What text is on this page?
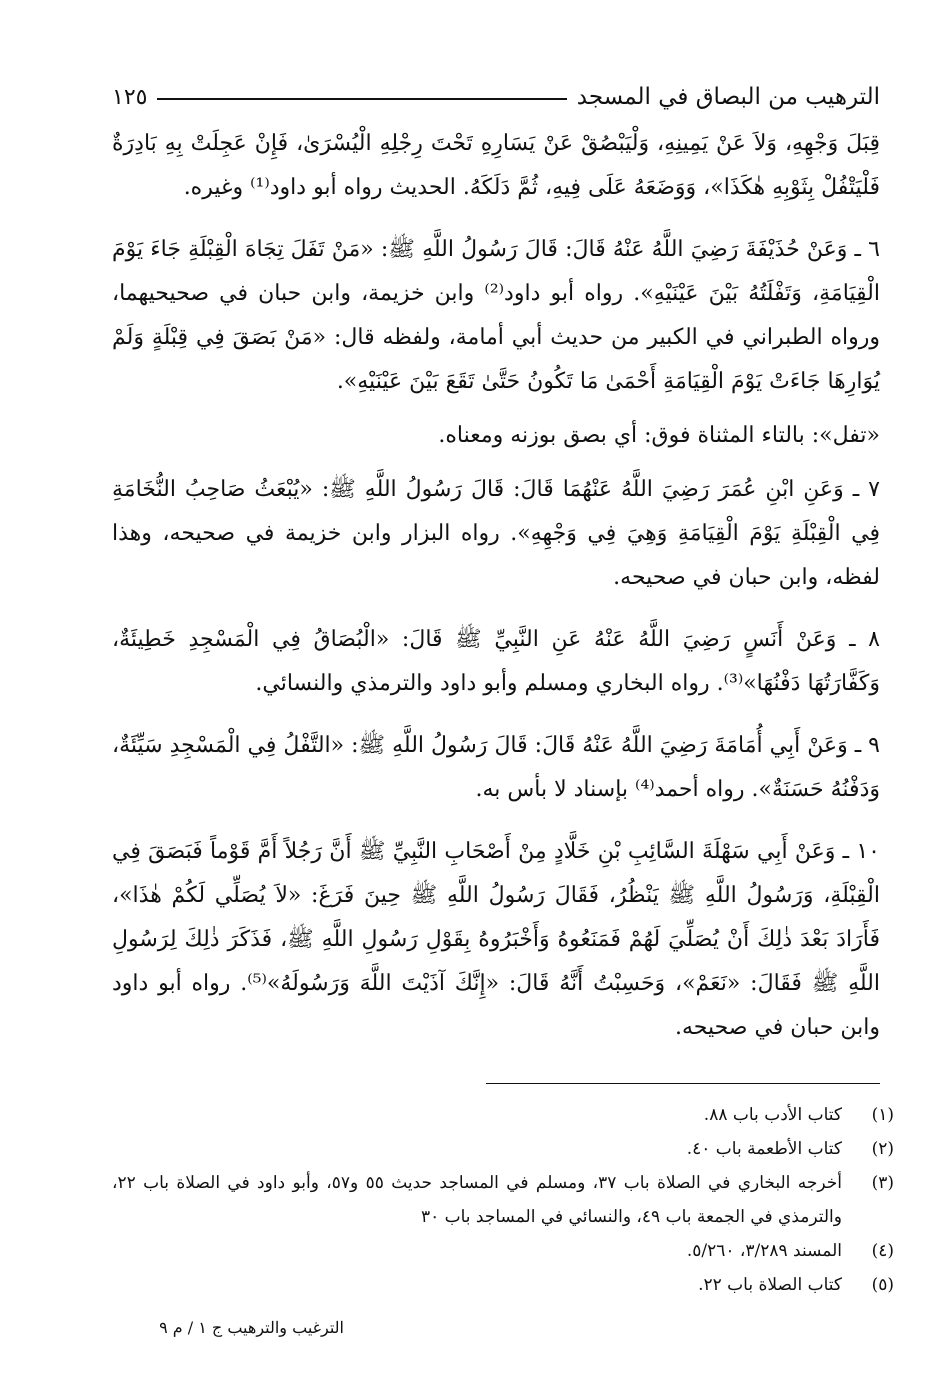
الترهيب من البصاق في المسجد
١٢٥

قِبَلَ وَجْهِهِ، وَلاَ عَنْ يَمِينِهِ، وَلْيَبْصُقْ عَنْ يَسَارِهِ تَحْتَ رِجْلِهِ الْيُسْرَىٰ، فَإِنْ عَجِلَتْ بِهِ بَادِرَةٌ فَلْيَتْفُلْ بِثَوْبِهِ هٰكَذَا»، وَوَضَعَهُ عَلَى فِيهِ، ثُمَّ دَلَكَهُ. الحديث رواه أبو داود⁽¹⁾ وغيره.

٦ ـ وَعَنْ حُذَيْفَةَ رَضِيَ اللَّهُ عَنْهُ قَالَ: قَالَ رَسُولُ اللَّهِ ﷺ: «مَنْ تَفَلَ تِجَاهَ الْقِبْلَةِ جَاءَ يَوْمَ الْقِيَامَةِ، وَتَفْلَتُهُ بَيْنَ عَيْنَيْهِ». رواه أبو داود⁽²⁾ وابن خزيمة، وابن حبان في صحيحيهما، ورواه الطبراني في الكبير من حديث أبي أمامة، ولفظه قال: «مَنْ بَصَقَ فِي قِبْلَةٍ وَلَمْ يُوَارِهَا جَاءَتْ يَوْمَ الْقِيَامَةِ أَحْمَىٰ مَا تَكُونُ حَتَّىٰ تَقَعَ بَيْنَ عَيْنَيْهِ».

«تفل»: بالتاء المثناة فوق: أي بصق بوزنه ومعناه.

٧ ـ وَعَنِ ابْنِ عُمَرَ رَضِيَ اللَّهُ عَنْهُمَا قَالَ: قَالَ رَسُولُ اللَّهِ ﷺ: «يُبْعَثُ صَاحِبُ النُّخَامَةِ فِي الْقِبْلَةِ يَوْمَ الْقِيَامَةِ وَهِيَ فِي وَجْهِهِ». رواه البزار وابن خزيمة في صحيحه، وهذا لفظه، وابن حبان في صحيحه.

٨ ـ وَعَنْ أَنَسٍ رَضِيَ اللَّهُ عَنْهُ عَنِ النَّبِيِّ ﷺ قَالَ: «الْبُصَاقُ فِي الْمَسْجِدِ خَطِيئَةٌ، وَكَفَّارَتُهَا دَفْنُهَا»⁽³⁾. رواه البخاري ومسلم وأبو داود والترمذي والنسائي.

٩ ـ وَعَنْ أَبِي أُمَامَةَ رَضِيَ اللَّهُ عَنْهُ قَالَ: قَالَ رَسُولُ اللَّهِ ﷺ: «التَّفْلُ فِي الْمَسْجِدِ سَيِّئَةٌ، وَدَفْنُهُ حَسَنَةٌ». رواه أحمد⁽⁴⁾ بإسناد لا بأس به.

١٠ ـ وَعَنْ أَبِي سَهْلَةَ السَّائِبِ بْنِ خَلَّادٍ مِنْ أَصْحَابِ النَّبِيِّ ﷺ أَنَّ رَجُلاً أَمَّ قَوْماً فَبَصَقَ فِي الْقِبْلَةِ، وَرَسُولُ اللَّهِ ﷺ يَنْظُرُ، فَقَالَ رَسُولُ اللَّهِ ﷺ حِينَ فَرَغَ: «لاَ يُصَلِّي لَكُمْ هٰذَا»، فَأَرَادَ بَعْدَ ذٰلِكَ أَنْ يُصَلِّيَ لَهُمْ فَمَنَعُوهُ وَأَخْبَرُوهُ بِقَوْلِ رَسُولِ اللَّهِ ﷺ، فَذَكَرَ ذٰلِكَ لِرَسُولِ اللَّهِ ﷺ فَقَالَ: «نَعَمْ»، وَحَسِبْتُ أَنَّهُ قَالَ: «إِنَّكَ آذَيْتَ اللَّهَ وَرَسُولَهُ»⁽⁵⁾. رواه أبو داود وابن حبان في صحيحه.

(١)
كتاب الأدب باب ٨٨.
(٢)
كتاب الأطعمة باب ٤٠.
(٣)
أخرجه البخاري في الصلاة باب ٣٧، ومسلم في المساجد حديث ٥٥ و٥٧، وأبو داود في الصلاة باب ٢٢، والترمذي في الجمعة باب ٤٩، والنسائي في المساجد باب ٣٠
(٤)
المسند ٣/٢٨٩، ٥/٢٦٠.
(٥)
كتاب الصلاة باب ٢٢.
الترغيب والترهيب ج ١ / م ٩
